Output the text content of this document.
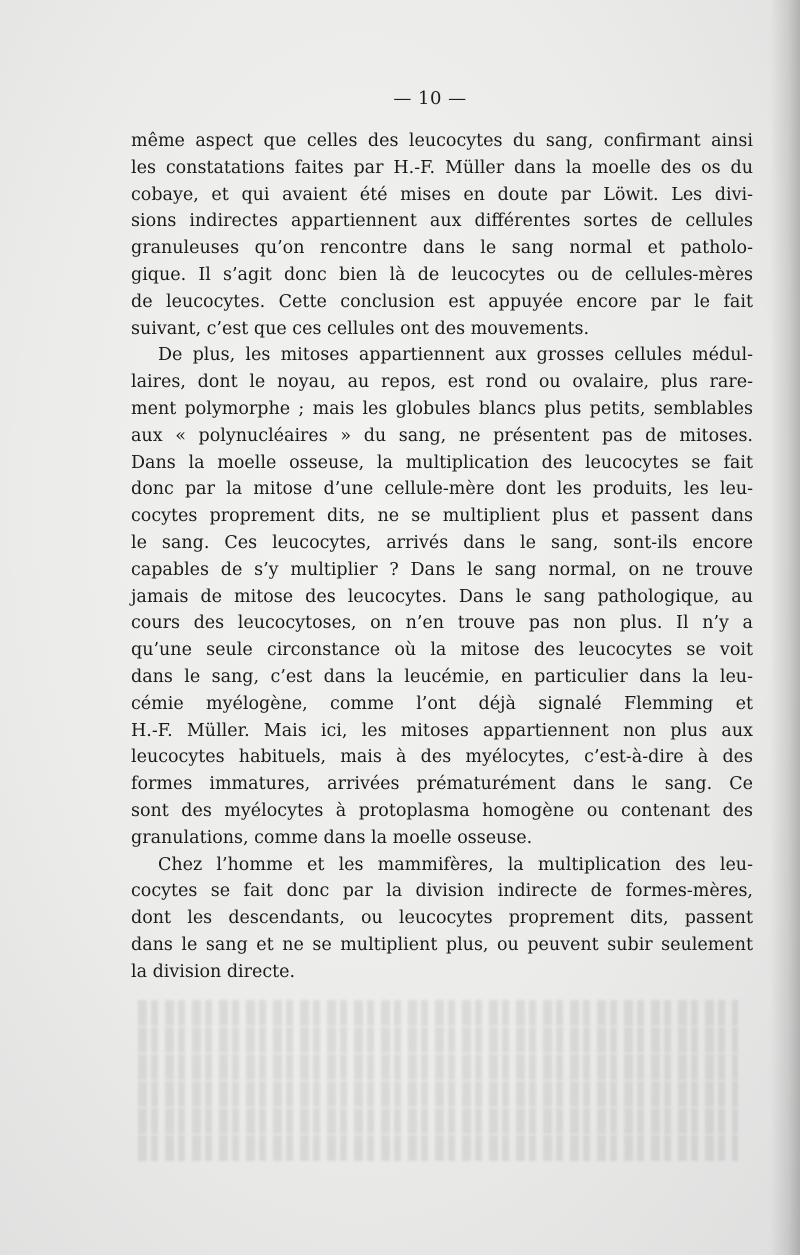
— 10 —
même aspect que celles des leucocytes du sang, confirmant ainsi
les constatations faites par H.-F. Müller dans la moelle des os du
cobaye, et qui avaient été mises en doute par Löwit. Les divi-
sions indirectes appartiennent aux différentes sortes de cellules
granuleuses qu’on rencontre dans le sang normal et patholo-
gique. Il s’agit donc bien là de leucocytes ou de cellules-mères
de leucocytes. Cette conclusion est appuyée encore par le fait
suivant, c’est que ces cellules ont des mouvements.
De plus, les mitoses appartiennent aux grosses cellules médul-
laires, dont le noyau, au repos, est rond ou ovalaire, plus rare-
ment polymorphe ; mais les globules blancs plus petits, semblables
aux « polynucléaires » du sang, ne présentent pas de mitoses.
Dans la moelle osseuse, la multiplication des leucocytes se fait
donc par la mitose d’une cellule-mère dont les produits, les leu-
cocytes proprement dits, ne se multiplient plus et passent dans
le sang. Ces leucocytes, arrivés dans le sang, sont-ils encore
capables de s’y multiplier ? Dans le sang normal, on ne trouve
jamais de mitose des leucocytes. Dans le sang pathologique, au
cours des leucocytoses, on n’en trouve pas non plus. Il n’y a
qu’une seule circonstance où la mitose des leucocytes se voit
dans le sang, c’est dans la leucémie, en particulier dans la leu-
cémie myélogène, comme l’ont déjà signalé Flemming et
H.-F. Müller. Mais ici, les mitoses appartiennent non plus aux
leucocytes habituels, mais à des myélocytes, c’est-à-dire à des
formes immatures, arrivées prématurément dans le sang. Ce
sont des myélocytes à protoplasma homogène ou contenant des
granulations, comme dans la moelle osseuse.
Chez l’homme et les mammifères, la multiplication des leu-
cocytes se fait donc par la division indirecte de formes-mères,
dont les descendants, ou leucocytes proprement dits, passent
dans le sang et ne se multiplient plus, ou peuvent subir seulement
la division directe.
